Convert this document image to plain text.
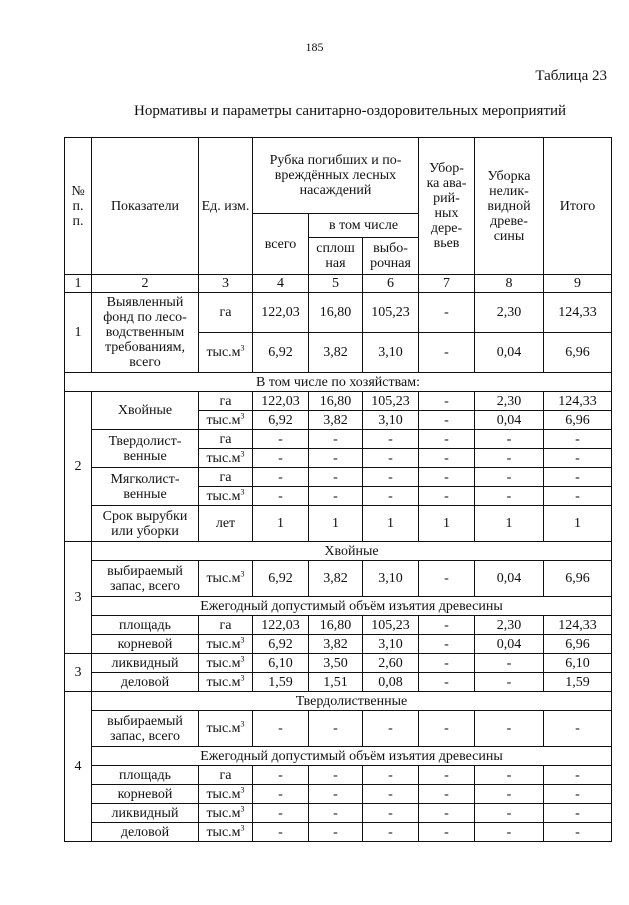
185
Таблица 23
Нормативы и параметры санитарно-оздоровительных мероприятий
№ п. п.	Показатели	Ед. изм.	Рубка погибших и по- вреждённых лесных насаждений			Убор- ка ава- рий- ных дере- вьев	Уборка нелик- видной древе- сины	Итого
			всего	в том числе				
				сплош ная	выбо- рочная			
1	2	3	4	5	6	7	8	9
1	Выявленный фонд по лесо- водственным требованиям, всего	га	122,03	16,80	105,23	-	2,30	124,33
		$тыс.м^3$	6,92	3,82	3,10	-	0,04	6,96
В том числе по хозяйствам:								
2	Хвойные	га	122,03	16,80	105,23	-	2,30	124,33
		$тыс.м^3$	6,92	3,82	3,10	-	0,04	6,96
	Твердолист- венные	га	-	-	-	-	-	-
		$тыс.м^3$	-	-	-	-	-	-
	Мягколист- венные	га	-	-	-	-	-	-
		$тыс.м^3$	-	-	-	-	-	-
	Срок вырубки или уборки	лет	1	1	1	1	1	1
3	Хвойные							
	выбираемый запас, всего	$тыс.м^3$	6,92	3,82	3,10	-	0,04	6,96
	Ежегодный допустимый объём изъятия древесины							
	площадь	га	122,03	16,80	105,23	-	2,30	124,33
	корневой	$тыс.м^3$	6,92	3,82	3,10	-	0,04	6,96
3	ликвидный	$тыс.м^3$	6,10	3,50	2,60	-	-	6,10
	деловой	$тыс.м^3$	1,59	1,51	0,08	-	-	1,59
4	Твердолиственные							
	выбираемый запас, всего	$тыс.м^3$	-	-	-	-	-	-
	Ежегодный допустимый объём изъятия древесины							
	площадь	га	-	-	-	-	-	-
	корневой	$тыс.м^3$	-	-	-	-	-	-
	ликвидный	$тыс.м^3$	-	-	-	-	-	-
	деловой	$тыс.м^3$	-	-	-	-	-	-
